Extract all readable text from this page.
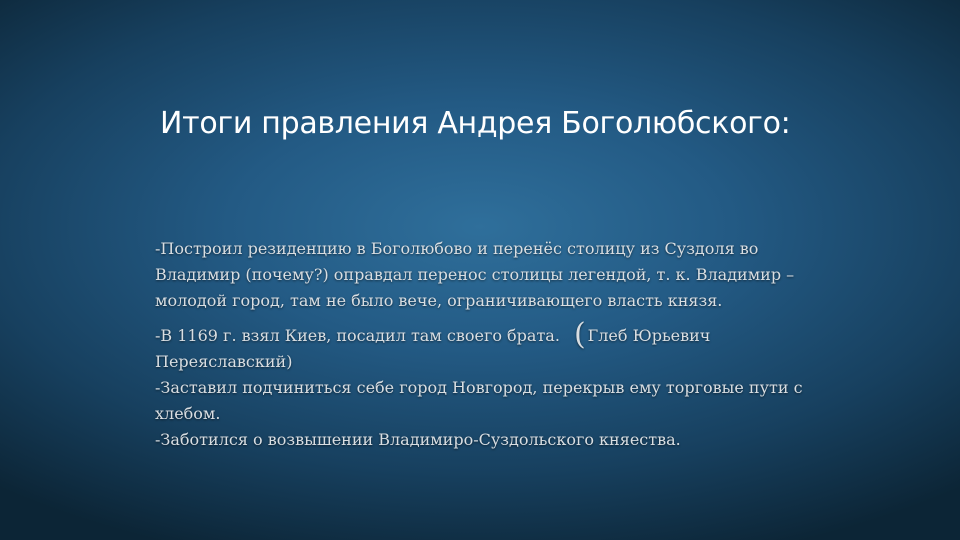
Итоги правления Андрея Боголюбского:

-Построил резиденцию в Боголюбово и перенёс столицу из Суздоля во Владимир (почему?) оправдал перенос столицы легендой, т. к. Владимир – молодой город, там не было вече, ограничивающего власть князя.

-В 1169 г. взял Киев, посадил там своего брата. ( Глеб Юрьевич Переяславский)

-Заставил подчиниться себе город Новгород, перекрыв ему торговые пути с хлебом.

-Заботился о возвышении Владимиро-Суздольского княества.
